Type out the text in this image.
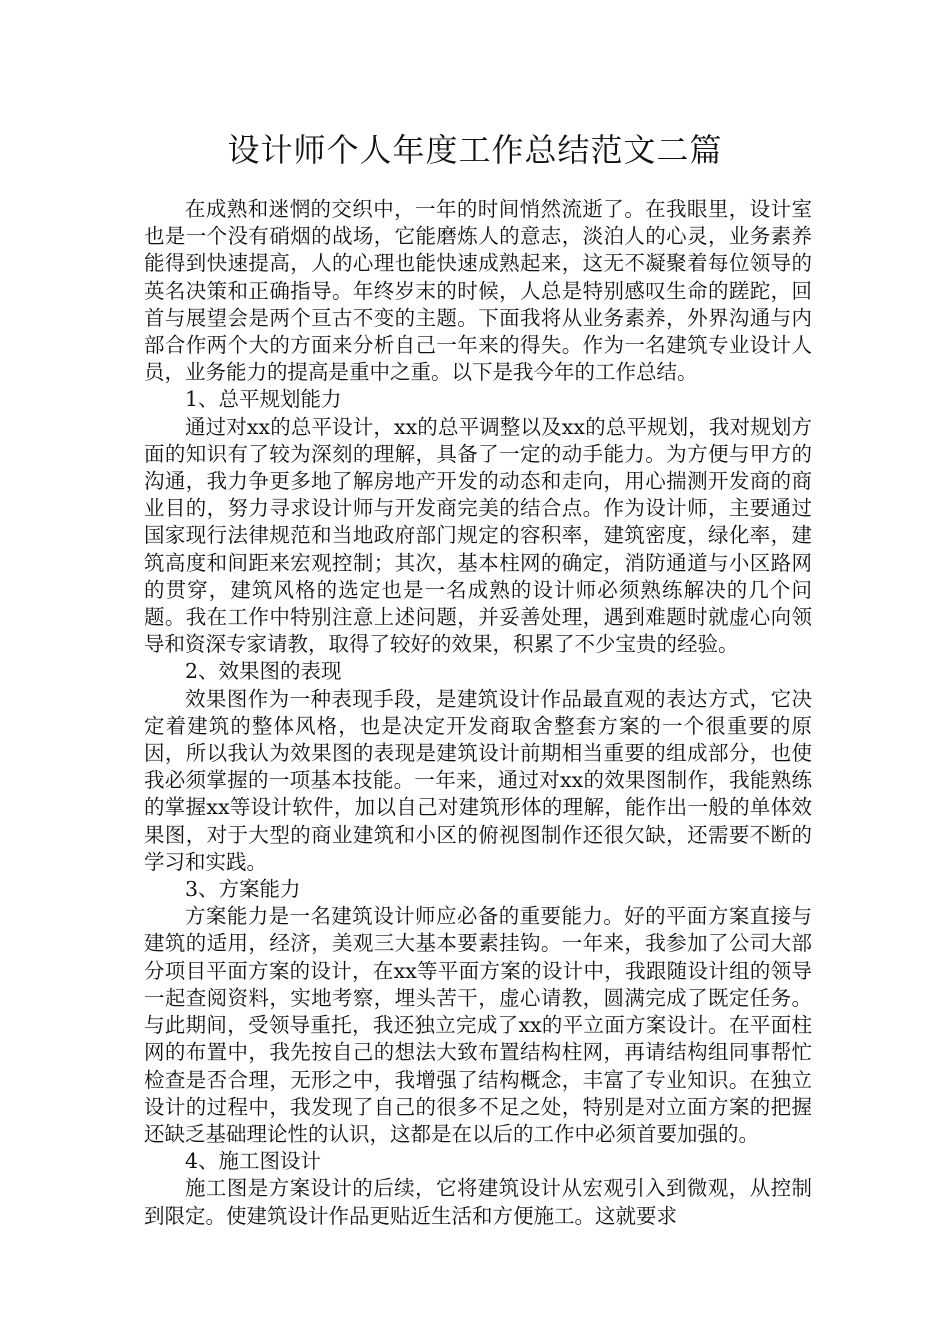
设计师个人年度工作总结范文二篇

在成熟和迷惘的交织中，一年的时间悄然流逝了。在我眼里，设计室也是一个没有硝烟的战场，它能磨炼人的意志，淡泊人的心灵，业务素养能得到快速提高，人的心理也能快速成熟起来，这无不凝聚着每位领导的英名决策和正确指导。年终岁末的时候，人总是特别感叹生命的蹉跎，回首与展望会是两个亘古不变的主题。下面我将从业务素养，外界沟通与内部合作两个大的方面来分析自己一年来的得失。作为一名建筑专业设计人员，业务能力的提高是重中之重。以下是我今年的工作总结。

1、总平规划能力

通过对xx的总平设计，xx的总平调整以及xx的总平规划，我对规划方面的知识有了较为深刻的理解，具备了一定的动手能力。为方便与甲方的沟通，我力争更多地了解房地产开发的动态和走向，用心揣测开发商的商业目的，努力寻求设计师与开发商完美的结合点。作为设计师，主要通过国家现行法律规范和当地政府部门规定的容积率，建筑密度，绿化率，建筑高度和间距来宏观控制；其次，基本柱网的确定，消防通道与小区路网的贯穿，建筑风格的选定也是一名成熟的设计师必须熟练解决的几个问题。我在工作中特别注意上述问题，并妥善处理，遇到难题时就虚心向领导和资深专家请教，取得了较好的效果，积累了不少宝贵的经验。

2、效果图的表现

效果图作为一种表现手段，是建筑设计作品最直观的表达方式，它决定着建筑的整体风格，也是决定开发商取舍整套方案的一个很重要的原因，所以我认为效果图的表现是建筑设计前期相当重要的组成部分，也使我必须掌握的一项基本技能。一年来，通过对xx的效果图制作，我能熟练的掌握xx等设计软件，加以自己对建筑形体的理解，能作出一般的单体效果图，对于大型的商业建筑和小区的俯视图制作还很欠缺，还需要不断的学习和实践。

3、方案能力

方案能力是一名建筑设计师应必备的重要能力。好的平面方案直接与建筑的适用，经济，美观三大基本要素挂钩。一年来，我参加了公司大部分项目平面方案的设计，在xx等平面方案的设计中，我跟随设计组的领导一起查阅资料，实地考察，埋头苦干，虚心请教，圆满完成了既定任务。与此期间，受领导重托，我还独立完成了xx的平立面方案设计。在平面柱网的布置中，我先按自己的想法大致布置结构柱网，再请结构组同事帮忙检查是否合理，无形之中，我增强了结构概念，丰富了专业知识。在独立设计的过程中，我发现了自己的很多不足之处，特别是对立面方案的把握还缺乏基础理论性的认识，这都是在以后的工作中必须首要加强的。

4、施工图设计

施工图是方案设计的后续，它将建筑设计从宏观引入到微观，从控制到限定。使建筑设计作品更贴近生活和方便施工。这就要求
